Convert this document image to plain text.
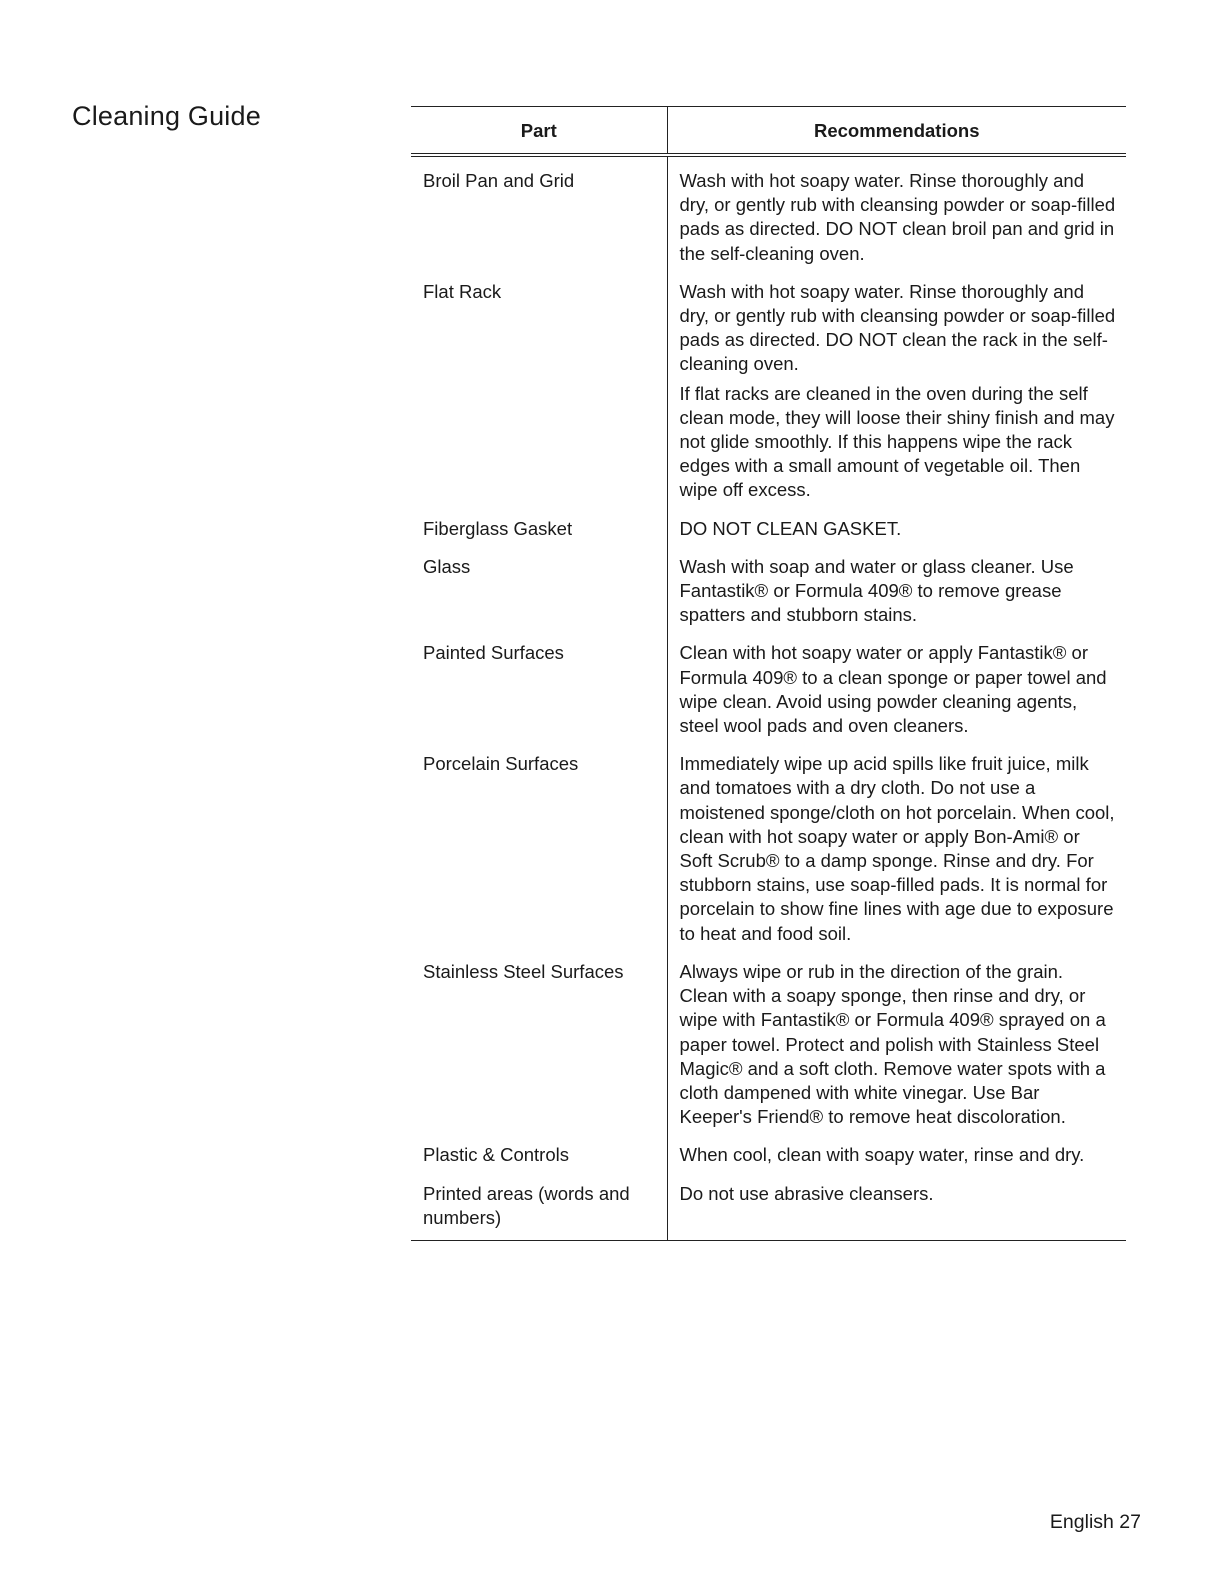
Cleaning Guide	Part	Recommendations
Broil Pan and Grid	Wash with hot soapy water. Rinse thoroughly and dry, or gently rub with cleansing powder or soap-filled pads as directed. DO NOT clean broil pan and grid in the self-cleaning oven.

Flat Rack	Wash with hot soapy water. Rinse thoroughly and dry, or gently rub with cleansing powder or soap-filled pads as directed. DO NOT clean the rack in the self-cleaning oven.

If flat racks are cleaned in the oven during the self clean mode, they will loose their shiny finish and may not glide smoothly. If this happens wipe the rack edges with a small amount of vegetable oil. Then wipe off excess.

Fiberglass Gasket	DO NOT CLEAN GASKET.

Glass	Wash with soap and water or glass cleaner. Use Fantastik® or Formula 409® to remove grease spatters and stubborn stains.

Painted Surfaces	Clean with hot soapy water or apply Fantastik® or Formula 409® to a clean sponge or paper towel and wipe clean. Avoid using powder cleaning agents, steel wool pads and oven cleaners.

Porcelain Surfaces	Immediately wipe up acid spills like fruit juice, milk and tomatoes with a dry cloth. Do not use a moistened sponge/cloth on hot porcelain. When cool, clean with hot soapy water or apply Bon-Ami® or Soft Scrub® to a damp sponge. Rinse and dry. For stubborn stains, use soap-filled pads. It is normal for porcelain to show fine lines with age due to exposure to heat and food soil.

Stainless Steel Surfaces	Always wipe or rub in the direction of the grain. Clean with a soapy sponge, then rinse and dry, or wipe with Fantastik® or Formula 409® sprayed on a paper towel. Protect and polish with Stainless Steel Magic® and a soft cloth. Remove water spots with a cloth dampened with white vinegar. Use Bar Keeper's Friend® to remove heat discoloration.

Plastic & Controls	When cool, clean with soapy water, rinse and dry.

Printed areas (words and numbers)	Do not use abrasive cleansers.

English 27
